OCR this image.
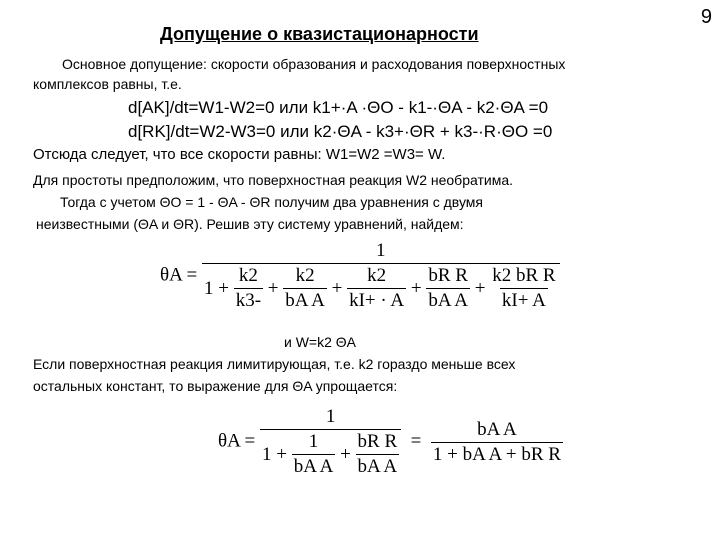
9
Допущение о квазистационарности
Основное допущение: скорости образования и расходования поверхностных
комплексов равны, т.е.
d[AK]/dt=W1-W2=0 или k1+·A ·ΘO - k1-·ΘA - k2·ΘA =0
d[RK]/dt=W2-W3=0 или k2·ΘA - k3+·ΘR + k3-·R·ΘO =0
Отсюда следует, что все скорости равны: W1=W2 =W3= W.
Для простоты предположим, что поверхностная реакция W2 необратима.
Тогда с учетом ΘO = 1 - ΘA - ΘR получим два уравнения с двумя
неизвестными (ΘA и ΘR). Решив эту систему уравнений, найдем:
θA =
1
$1 + \frac{k2}{k3-} + \frac{k2}{\text{bA A}} + \frac{k2}{kI+ \cdot A} + \frac{\text{bR R}}{\text{bA A}} + \frac{\text{k2 bR R}}{kI+ A}$
и W=k2 ΘA
Если поверхностная реакция лимитирующая, т.е. k2 гораздо меньше всех
остальных констант, то выражение для ΘA упрощается:
$\theta A = \frac{1}{1 + \frac{1}{\text{bA A}} + \frac{\text{bR R}}{\text{bA A}}} = \frac{\text{bA A}}{\text{1 + bA A + bR R}}$
